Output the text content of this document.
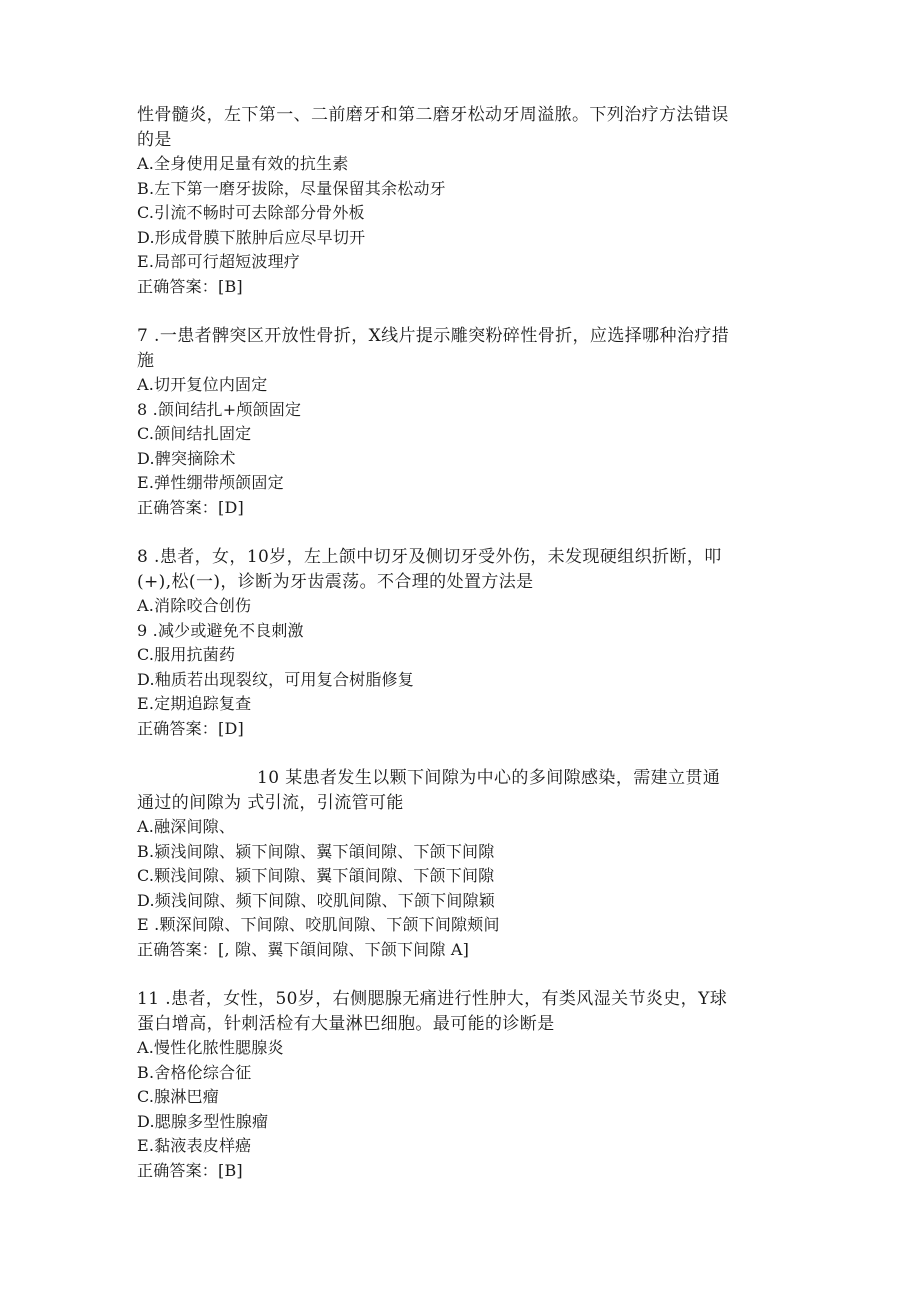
性骨髓炎，左下第一、二前磨牙和第二磨牙松动牙周溢脓。下列治疗方法错误
的是
A.全身使用足量有效的抗生素
B.左下第一磨牙拔除，尽量保留其余松动牙
C.引流不畅时可去除部分骨外板
D.形成骨膜下脓肿后应尽早切开
E.局部可行超短波理疗
正确答案：[B]
7 .一患者髀突区开放性骨折，X线片提示雕突粉碎性骨折，应选择哪种治疗措
施
A.切开复位内固定
8 .颌间结扎+颅颌固定
C.颌间结扎固定
D.髀突摘除术
E.弹性绷带颅颌固定
正确答案：[D]
8 .患者，女，10岁，左上颌中切牙及侧切牙受外伤，未发现硬组织折断，叩
(+),松(一)，诊断为牙齿震荡。不合理的处置方法是
A.消除咬合创伤
9 .减少或避免不良刺激
C.服用抗菌药
D.釉质若出现裂纹，可用复合树脂修复
E.定期追踪复查
正确答案：[D]
10 某患者发生以颗下间隙为中心的多间隙感染，需建立贯通
通过的间隙为 式引流，引流管可能
A.融深间隙、
B.颍浅间隙、颍下间隙、翼下頜间隙、下颌下间隙
C.颗浅间隙、颍下间隙、翼下頜间隙、下颌下间隙
D.频浅间隙、频下间隙、咬肌间隙、下颌下间隙颖
E .颗深间隙、下间隙、咬肌间隙、下颌下间隙颊间
正确答案：[, 隙、翼下頜间隙、下颌下间隙 A]
11 .患者，女性，50岁，右侧腮腺无痛进行性肿大，有类风湿关节炎史，Y球
蛋白增高，针刺活检有大量淋巴细胞。最可能的诊断是
A.慢性化脓性腮腺炎
B.舍格伦综合征
C.腺淋巴瘤
D.腮腺多型性腺瘤
E.黏液表皮样癌
正确答案：[B]
